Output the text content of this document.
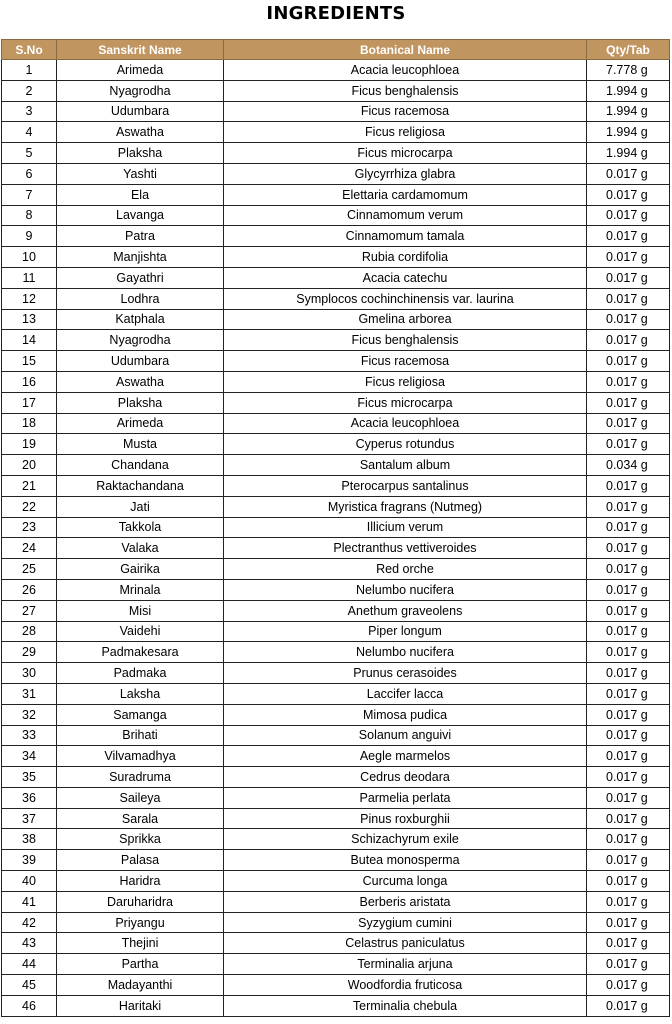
INGREDIENTS
S.No	Sanskrit Name	Botanical Name	Qty/Tab
1	Arimeda	Acacia leucophloea	7.778 g
2	Nyagrodha	Ficus benghalensis	1.994 g
3	Udumbara	Ficus racemosa	1.994 g
4	Aswatha	Ficus religiosa	1.994 g
5	Plaksha	Ficus microcarpa	1.994 g
6	Yashti	Glycyrrhiza glabra	0.017 g
7	Ela	Elettaria cardamomum	0.017 g
8	Lavanga	Cinnamomum verum	0.017 g
9	Patra	Cinnamomum tamala	0.017 g
10	Manjishta	Rubia cordifolia	0.017 g
11	Gayathri	Acacia catechu	0.017 g
12	Lodhra	Symplocos cochinchinensis var. laurina	0.017 g
13	Katphala	Gmelina arborea	0.017 g
14	Nyagrodha	Ficus benghalensis	0.017 g
15	Udumbara	Ficus racemosa	0.017 g
16	Aswatha	Ficus religiosa	0.017 g
17	Plaksha	Ficus microcarpa	0.017 g
18	Arimeda	Acacia leucophloea	0.017 g
19	Musta	Cyperus rotundus	0.017 g
20	Chandana	Santalum album	0.034 g
21	Raktachandana	Pterocarpus santalinus	0.017 g
22	Jati	Myristica fragrans (Nutmeg)	0.017 g
23	Takkola	Illicium verum	0.017 g
24	Valaka	Plectranthus vettiveroides	0.017 g
25	Gairika	Red orche	0.017 g
26	Mrinala	Nelumbo nucifera	0.017 g
27	Misi	Anethum graveolens	0.017 g
28	Vaidehi	Piper longum	0.017 g
29	Padmakesara	Nelumbo nucifera	0.017 g
30	Padmaka	Prunus cerasoides	0.017 g
31	Laksha	Laccifer lacca	0.017 g
32	Samanga	Mimosa pudica	0.017 g
33	Brihati	Solanum anguivi	0.017 g
34	Vilvamadhya	Aegle marmelos	0.017 g
35	Suradruma	Cedrus deodara	0.017 g
36	Saileya	Parmelia perlata	0.017 g
37	Sarala	Pinus roxburghii	0.017 g
38	Sprikka	Schizachyrum exile	0.017 g
39	Palasa	Butea monosperma	0.017 g
40	Haridra	Curcuma longa	0.017 g
41	Daruharidra	Berberis aristata	0.017 g
42	Priyangu	Syzygium cumini	0.017 g
43	Thejini	Celastrus paniculatus	0.017 g
44	Partha	Terminalia arjuna	0.017 g
45	Madayanthi	Woodfordia fruticosa	0.017 g
46	Haritaki	Terminalia chebula	0.017 g
